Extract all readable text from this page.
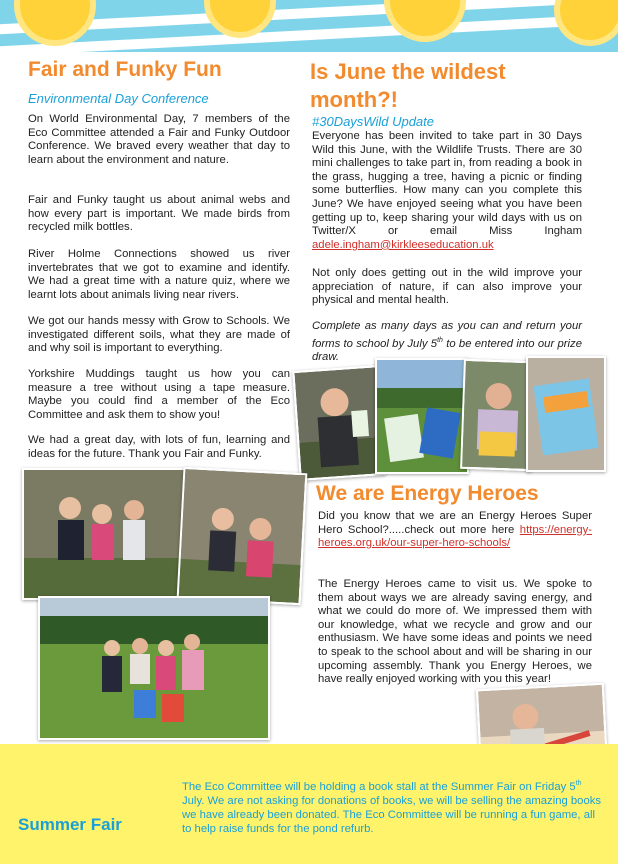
Fair and Funky Fun

Environmental Day Conference

On World Environmental Day, 7 members of the Eco Committee attended a Fair and Funky Outdoor Conference. We braved every weather that day to learn about the environment and nature.

Fair and Funky taught us about animal webs and how every part is important. We made birds from recycled milk bottles.

River Holme Connections showed us river invertebrates that we got to examine and identify. We had a great time with a nature quiz, where we learnt lots about animals living near rivers.

We got our hands messy with Grow to Schools. We investigated different soils, what they are made of and why soil is important to everything.

Yorkshire Muddings taught us how you can measure a tree without using a tape measure. Maybe you could find a member of the Eco Committee and ask them to show you!

We had a great day, with lots of fun, learning and ideas for the future. Thank you Fair and Funky.

Is June the wildest
month?!

#30DaysWild Update

Everyone has been invited to take part in 30 Days Wild this June, with the Wildlife Trusts. There are 30 mini challenges to take part in, from reading a book in the grass, hugging a tree, having a picnic or finding some butterflies. How many can you complete this June? We have enjoyed seeing what you have been getting up to, keep sharing your wild days with us on Twitter/X or email Miss Ingham adele.ingham@kirkleeseducation.uk

Not only does getting out in the wild improve your appreciation of nature, if can also improve your physical and mental health.

Complete as many days as you can and return your forms to school by July 5th to be entered into our prize draw.

We are Energy Heroes

Did you know that we are an Energy Heroes Super Hero School?.....check out more here https://energy-heroes.org.uk/our-super-hero-schools/

The Energy Heroes came to visit us. We spoke to them about ways we are already saving energy, and what we could do more of. We impressed them with our knowledge, what we recycle and grow and our enthusiasm. We have some ideas and points we need to speak to the school about and will be sharing in our upcoming assembly. Thank you Energy Heroes, we have really enjoyed working with you this year!

Summer Fair

The Eco Committee will be holding a book stall at the Summer Fair on Friday 5th July. We are not asking for donations of books, we will be selling the amazing books we have already been donated. The Eco Committee will be running a fun game, all to help raise funds for the pond refurb.
